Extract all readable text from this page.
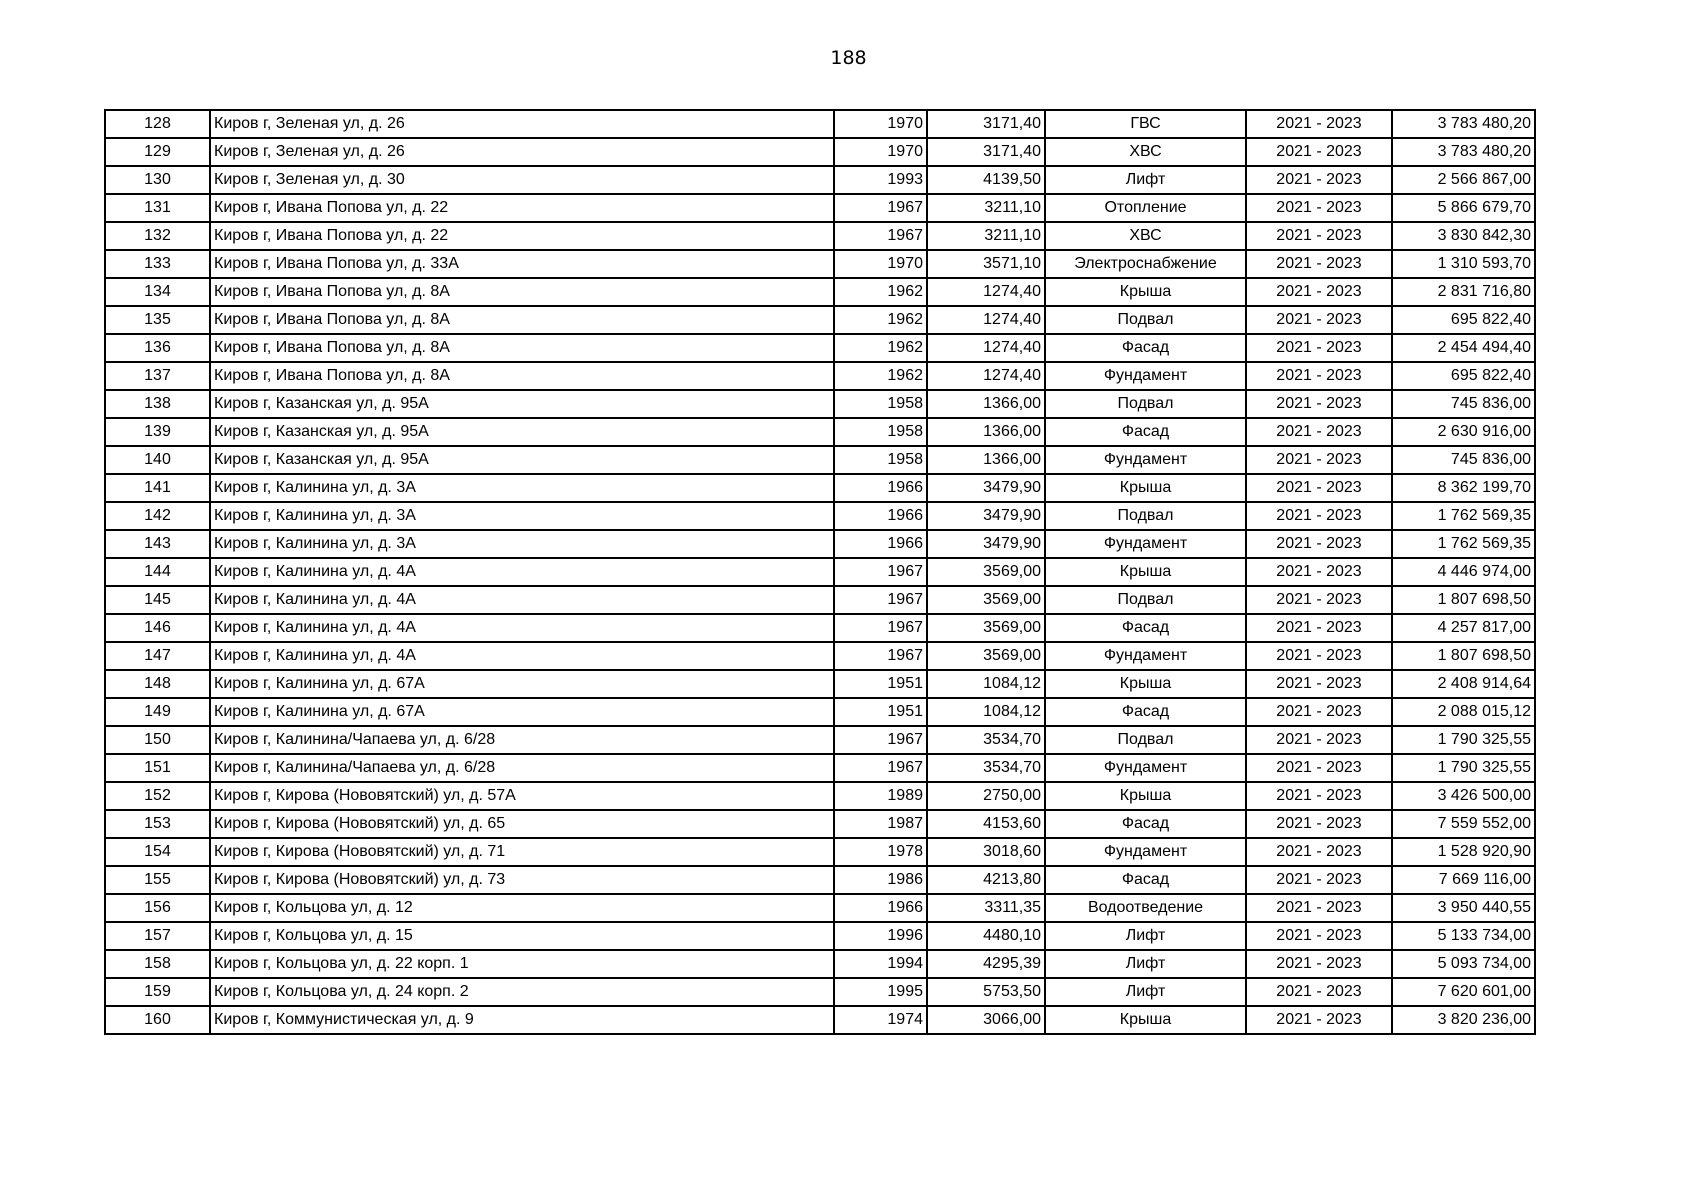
188
128	Киров г, Зеленая ул, д. 26	1970	3171,40	ГВС	2021 - 2023	3 783 480,20
129	Киров г, Зеленая ул, д. 26	1970	3171,40	ХВС	2021 - 2023	3 783 480,20
130	Киров г, Зеленая ул, д. 30	1993	4139,50	Лифт	2021 - 2023	2 566 867,00
131	Киров г, Ивана Попова ул, д. 22	1967	3211,10	Отопление	2021 - 2023	5 866 679,70
132	Киров г, Ивана Попова ул, д. 22	1967	3211,10	ХВС	2021 - 2023	3 830 842,30
133	Киров г, Ивана Попова ул, д. 33А	1970	3571,10	Электроснабжение	2021 - 2023	1 310 593,70
134	Киров г, Ивана Попова ул, д. 8А	1962	1274,40	Крыша	2021 - 2023	2 831 716,80
135	Киров г, Ивана Попова ул, д. 8А	1962	1274,40	Подвал	2021 - 2023	695 822,40
136	Киров г, Ивана Попова ул, д. 8А	1962	1274,40	Фасад	2021 - 2023	2 454 494,40
137	Киров г, Ивана Попова ул, д. 8А	1962	1274,40	Фундамент	2021 - 2023	695 822,40
138	Киров г, Казанская ул, д. 95А	1958	1366,00	Подвал	2021 - 2023	745 836,00
139	Киров г, Казанская ул, д. 95А	1958	1366,00	Фасад	2021 - 2023	2 630 916,00
140	Киров г, Казанская ул, д. 95А	1958	1366,00	Фундамент	2021 - 2023	745 836,00
141	Киров г, Калинина ул, д. 3А	1966	3479,90	Крыша	2021 - 2023	8 362 199,70
142	Киров г, Калинина ул, д. 3А	1966	3479,90	Подвал	2021 - 2023	1 762 569,35
143	Киров г, Калинина ул, д. 3А	1966	3479,90	Фундамент	2021 - 2023	1 762 569,35
144	Киров г, Калинина ул, д. 4А	1967	3569,00	Крыша	2021 - 2023	4 446 974,00
145	Киров г, Калинина ул, д. 4А	1967	3569,00	Подвал	2021 - 2023	1 807 698,50
146	Киров г, Калинина ул, д. 4А	1967	3569,00	Фасад	2021 - 2023	4 257 817,00
147	Киров г, Калинина ул, д. 4А	1967	3569,00	Фундамент	2021 - 2023	1 807 698,50
148	Киров г, Калинина ул, д. 67А	1951	1084,12	Крыша	2021 - 2023	2 408 914,64
149	Киров г, Калинина ул, д. 67А	1951	1084,12	Фасад	2021 - 2023	2 088 015,12
150	Киров г, Калинина/Чапаева ул, д. 6/28	1967	3534,70	Подвал	2021 - 2023	1 790 325,55
151	Киров г, Калинина/Чапаева ул, д. 6/28	1967	3534,70	Фундамент	2021 - 2023	1 790 325,55
152	Киров г, Кирова (Нововятский) ул, д. 57А	1989	2750,00	Крыша	2021 - 2023	3 426 500,00
153	Киров г, Кирова (Нововятский) ул, д. 65	1987	4153,60	Фасад	2021 - 2023	7 559 552,00
154	Киров г, Кирова (Нововятский) ул, д. 71	1978	3018,60	Фундамент	2021 - 2023	1 528 920,90
155	Киров г, Кирова (Нововятский) ул, д. 73	1986	4213,80	Фасад	2021 - 2023	7 669 116,00
156	Киров г, Кольцова ул, д. 12	1966	3311,35	Водоотведение	2021 - 2023	3 950 440,55
157	Киров г, Кольцова ул, д. 15	1996	4480,10	Лифт	2021 - 2023	5 133 734,00
158	Киров г, Кольцова ул, д. 22 корп. 1	1994	4295,39	Лифт	2021 - 2023	5 093 734,00
159	Киров г, Кольцова ул, д. 24 корп. 2	1995	5753,50	Лифт	2021 - 2023	7 620 601,00
160	Киров г, Коммунистическая ул, д. 9	1974	3066,00	Крыша	2021 - 2023	3 820 236,00
